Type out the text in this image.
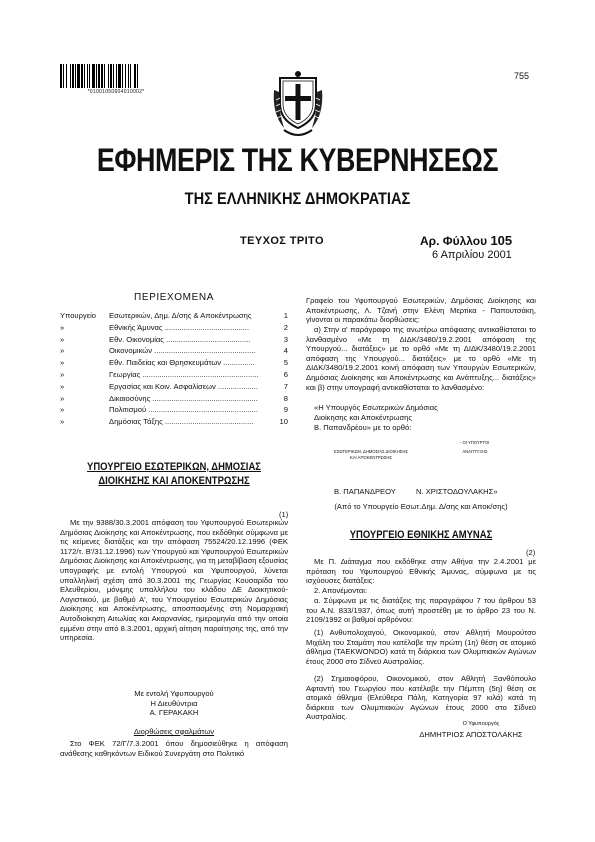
*01001050604010002*
755
ΕΦΗΜΕΡΙΣ ΤΗΣ ΚΥΒΕΡΝΗΣΕΩΣ
ΤΗΣ ΕΛΛΗΝΙΚΗΣ ΔΗΜΟΚΡΑΤΙΑΣ
ΤΕΥΧΟΣ ΤΡΙΤΟ	Αρ. Φύλλου 105
6 Απριλίου 2001
ΠΕΡΙΕΧΟΜΕΝΑ
Υπουργείο	Εσωτερικών, Δημ. Δ/σης & Αποκέντρωσης	1
»	Εθνικής Άμυνας ........................................	2
»	Εθν. Οικονομίας ........................................	3
»	Οικονομικών ................................................	4
»	Εθν. Παιδείας και Θρησκευμάτων ...............	5
»	Γεωργίας .......................................................	6
»	Εργασίας και Κοιν. Ασφαλίσεων ...................	7
»	Δικαιοσύνης ..................................................	8
»	Πολιτισμού ....................................................	9
»	Δημόσιας Τάξης ..........................................	10
ΥΠΟΥΡΓΕΙΟ ΕΣΩΤΕΡΙΚΩΝ, ΔΗΜΟΣΙΑΣ
ΔΙΟΙΚΗΣΗΣ ΚΑΙ ΑΠΟΚΕΝΤΡΩΣΗΣ
(1)
Με την 9388/30.3.2001 απόφαση του Υφυπουργού Εσωτερικών Δημόσιας Διοίκησης και Αποκέντρωσης, που εκδόθηκε σύμφωνα με τις κείμενες διατάξεις και την απόφαση 75524/20.12.1996 (ΦΕΚ 1172/τ. Β'/31.12.1996) των Υπουργού και Υφυπουργού Εσωτερικών Δημόσιας Διοίκησης και Αποκέντρωσης, για τη μεταβίβαση εξουσίας υπογραφής με εντολή Υπουργού και Υφυπουργού, λύνεται υπαλληλική σχέση από 30.3.2001 της Γεωργίας Κουσαρίδα του Ελευθερίου, μόνιμης υπαλλήλου του κλάδου ΔΕ Διοικητικού-Λογιστικού, με βαθμό Α', του Υπουργείου Εσωτερικών Δημόσιας Διοίκησης και Αποκέντρωσης, αποσπασμένης στη Νομαρχιακή Αυτοδιοίκηση Αιτωλίας και Ακαρνανίας, ημερομηνία από την οποία εμμένει στην από 8.3.2001, αρχική αίτηση παραίτησης της, από την υπηρεσία.
Με εντολή Υφυπουργού
Η Διευθύντρια
Α. ΓΕΡΑΚΑΚΗ
Διορθώσεις σφαλμάτων
Στο ΦΕΚ 72/Γ/7.3.2001 όπου δημοσιεύθηκε η απόφαση ανάθεσης καθηκόντων Ειδικού Συνεργάτη στο Πολιτικό
Γραφείο του Υφυπουργού Εσωτερικών, Δημόσιας Διοίκησης και Αποκέντρωσης, Λ. Τζανή στην Ελένη Μερτίκα - Παπουτσάκη, γίνονται οι παρακάτω διορθώσεις:
α) Στην α' παράγραφο της ανωτέρω απόφασης αντικαθίσταται το λανθασμένο «Με τη ΔΙΔΚ/3480/19.2.2001 απόφαση της Υπουργού... διατάξεις» με το ορθό «Με τη ΔΙΔΚ/3480/19.2.2001 απόφαση της Υπουργού... διατάξεις» με το ορθό «Με τη ΔΙΔΚ/3480/19.2.2001 κοινή απόφαση των Υπουργών Εσωτερικών, Δημόσιας Διοίκησης και Αποκέντρωσης και Ανάπτυξης... διατάξεις» και β) στην υπογραφή αντικαθίσταται το λανθασμένο:
«Η Υπουργός Εσωτερικών Δημόσιας
Διοίκησης και Αποκέντρωσης
Β. Παπανδρέου» με το ορθό:
- ΟΙ ΥΠΟΥΡΓΟΙ
ΕΣΩΤΕΡΙΚΩΝ, ΔΗΜΟΣΙΑΣ ΔΙΟΙΚΗΣΗΣ
ΚΑΙ ΑΠΟΚΕΝΤΡΩΣΗΣ
ΑΝΑΠΤΥΞΗΣ
Β. ΠΑΠΑΝΔΡΕΟΥ	Ν. ΧΡΙΣΤΟΔΟΥΛΑΚΗΣ»
(Από το Υπουργείο Εσωτ.Δημ. Δ/σης και Αποκ/σης)
ΥΠΟΥΡΓΕΙΟ ΕΘΝΙΚΗΣ ΑΜΥΝΑΣ
(2)
Με Π. Διάταγμα που εκδόθηκε στην Αθήνα την 2.4.2001 με πρόταση του Υφυπουργού Εθνικής Άμυνας, σύμφωνα με τις ισχύουσες διατάξεις:
2. Απονέμονται:
α. Σύμφωνα με τις διατάξεις της παραγράφου 7 του άρθρου 53 του Α.Ν. 833/1937, όπως αυτή προστέθη με το άρθρο 23 του Ν. 2109/1992 οι βαθμοί αρθρόνου:
(1) Ανθυπολοχαγού, Οικονομικού, στον Αθλητή Μουρούτσο Μιχάλη του Σταμάτη που κατέλαβε την πρώτη (1η) θέση σε ατομικό άθλημα (TAEKWONDO) κατά τη διάρκεια των Ολυμπιακών Αγώνων έτους 2000 στο Σίδνεϋ Αυστραλίας.
(2) Σημαιοφόρου, Οικονομικού, στον Αθλητή Ξανθόπουλο Αφταντή του Γεωργίου που κατέλαβε την Πέμπτη (5η) θέση σε ατομικό άθλημα (Ελεύθερα Πάλη, Κατηγορία 97 κιλά) κατά τη διάρκεια των Ολυμπιακών Αγώνων έτους 2000 στο Σίδνεϋ Αυστραλίας.
Ο Υφυπουργός
ΔΗΜΗΤΡΙΟΣ ΑΠΟΣΤΟΛΑΚΗΣ
